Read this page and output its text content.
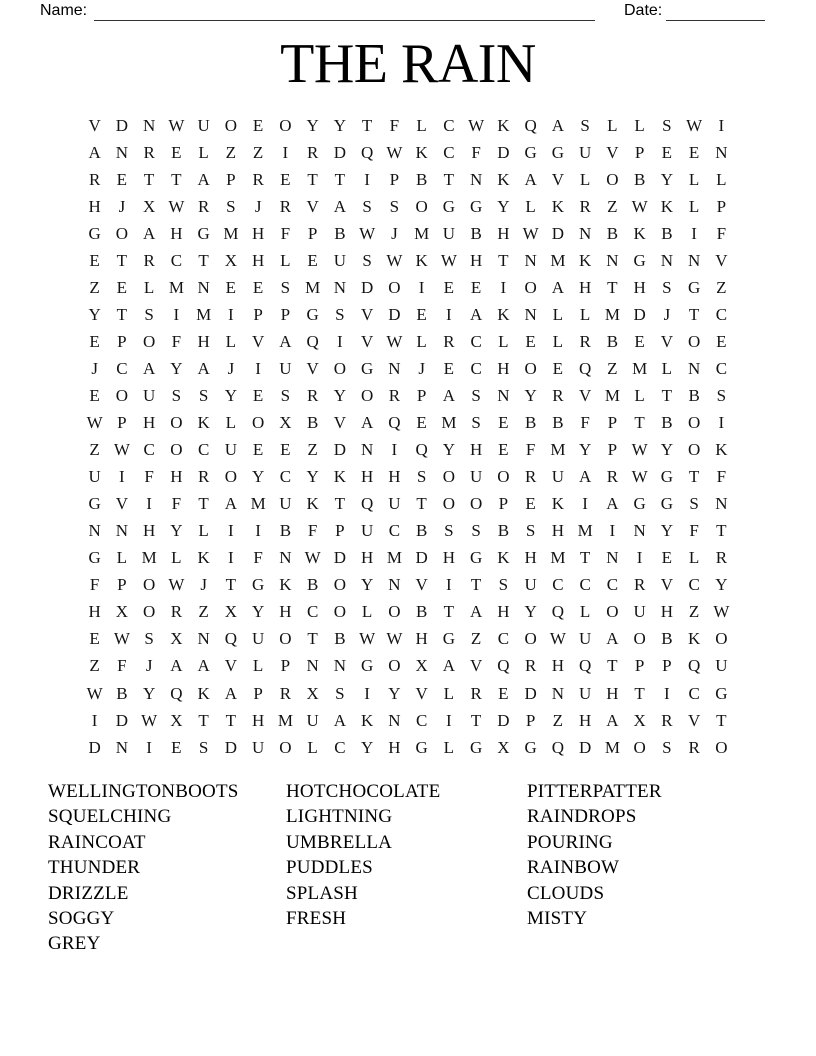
Name:	Date:
THE RAIN
V D N W U O E O Y Y T	F	L C W K Q A S	L L	S W I
A N R E L Z Z	I	R D Q W K C F D G G U V P	E E N
R E T T A P R E T T	I	P B T N K A V L O B Y L L
H	J	X W R S	J	R V A S	S O G G Y L K R Z W K L	P
G O A H G M H F	P B W J M U B H W D N B K B	I	F
E T R C T X H L E U S W K W H T N M K N G N N V
Z E L M N E E	S M N D O	I	E E	I	O A H T H S G Z
Y T	S	I M I	P	P G S V D E	I	A K N L L M D	J	T C
E	P O F H L V A Q	I	V W L R C L E L R B E V O E
J	C A Y A	J	I	U V O G N	J	E C H O E Q Z M L N C
E O U S	S Y E	S R Y O R P A S N Y R V M L T B S
W P H O K L O X B V A Q E M S	E B B F	P	T B O	I
Z W C O C U E E Z D N	I	Q Y H E	F M Y P W Y O K
U	I	F H R O Y C Y K H H S O U O R U A R W G T	F
G V	I	F	T A M U K T Q U T O O P	E K	I	A G G S N
N N H Y L	I	I	B F	P U C B S	S B S H M I	N Y F	T
G L M L K	I	F N W D H M D H G K H M T N	I	E L R
F	P O W J	T G K B O Y N V	I	T	S U C C C R V C Y
H X O R Z X Y H C O L O B T A H Y Q L O U H Z W
E W S X N Q U O T B W W H G Z C O W U A O B K O
Z	F	J	A A V L	P N N G O X A V Q R H Q T	P	P Q U
W B Y Q K A P R X S	I	Y V L R E D N U H T	I	C G
I	D W X T T H M U A K N C	I	T D P	Z H A X R V T
D N	I	E	S D U O L C Y H G L G X G Q D M O S R O
WELLINGTONBOOTS
SQUELCHING
RAINCOAT
THUNDER
DRIZZLE
SOGGY
GREY
HOTCHOCOLATE
LIGHTNING
UMBRELLA
PUDDLES
SPLASH
FRESH
PITTERPATTER
RAINDROPS
POURING
RAINBOW
CLOUDS
MISTY
